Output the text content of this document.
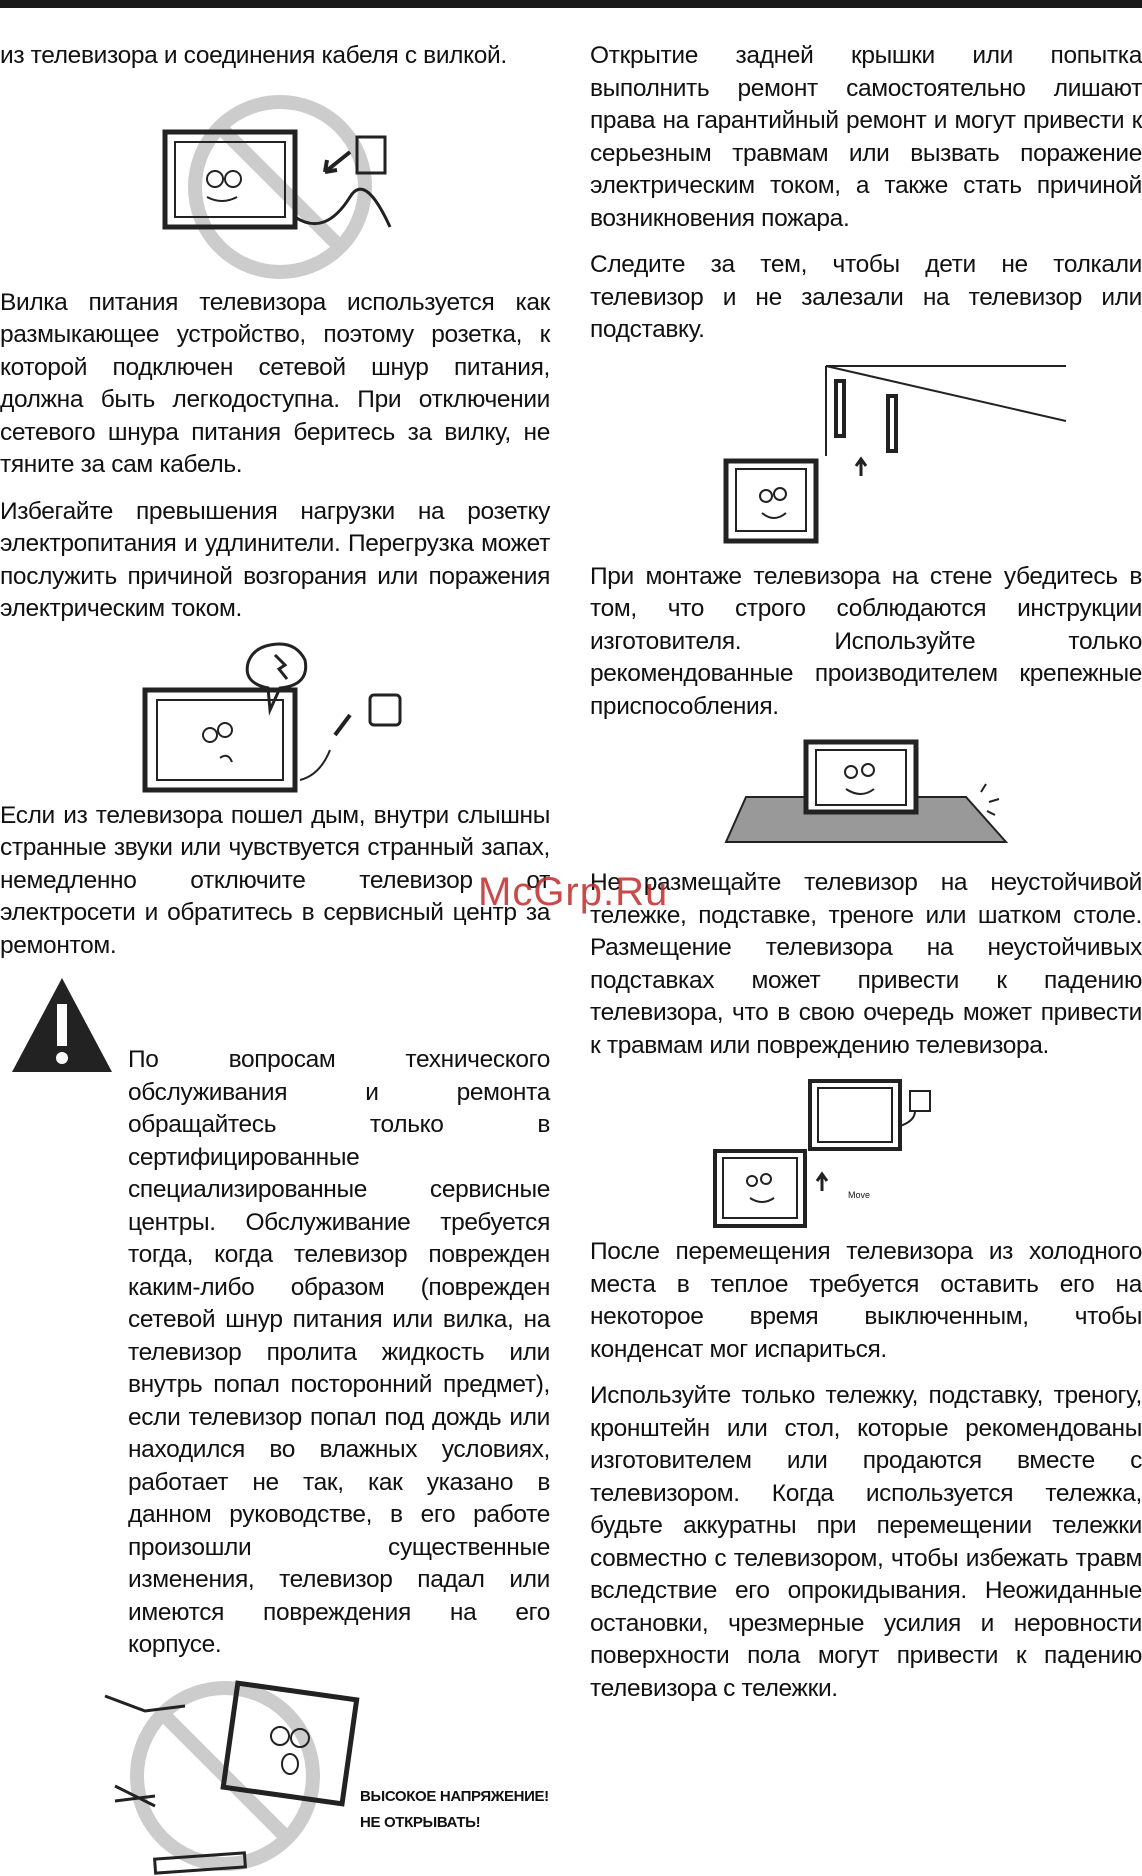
из телевизора и соединения кабеля с вилкой.

Вилка питания телевизора используется как размыкающее устройство, поэтому розетка, к которой подключен сетевой шнур питания, должна быть легкодоступна. При отключении сетевого шнура питания беритесь за вилку, не тяните за сам кабель.

Избегайте превышения нагрузки на розетку электропитания и удлинители. Перегрузка может послужить причиной возгорания или поражения электрическим током.

Если из телевизора пошел дым, внутри слышны странные звуки или чувствуется странный запах, немедленно отключите телевизор от электросети и обратитесь в сервисный центр за ремонтом.

По вопросам технического обслуживания и ремонта обращайтесь только в сертифицированные специализированные сервисные центры. Обслуживание требуется тогда, когда телевизор поврежден каким-либо образом (поврежден сетевой шнур питания или вилка, на телевизор пролита жидкость или внутрь попал посторонний предмет), если телевизор попал под дождь или находился во влажных условиях, работает не так, как указано в данном руководстве, в его работе произошли существенные изменения, телевизор падал или имеются повреждения на его корпусе.

ВЫСОКОЕ НАПРЯЖЕНИЕ!

НЕ ОТКРЫВАТЬ!

Открытие задней крышки или попытка выполнить ремонт самостоятельно лишают права на гарантийный ремонт и могут привести к серьезным травмам или вызвать поражение электрическим током, а также стать причиной возникновения пожара.

Следите за тем, чтобы дети не толкали телевизор и не залезали на телевизор или подставку.

При монтаже телевизора на стене убедитесь в том, что строго соблюдаются инструкции изготовителя. Используйте только рекомендованные производителем крепежные приспособления.

Не размещайте телевизор на неустойчивой тележке, подставке, треноге или шатком столе. Размещение телевизора на неустойчивых подставках может привести к падению телевизора, что в свою очередь может привести к травмам или повреждению телевизора.

Move

После перемещения телевизора из холодного места в теплое требуется оставить его на некоторое время выключенным, чтобы конденсат мог испариться.

Используйте только тележку, подставку, треногу, кронштейн или стол, которые рекомендованы изготовителем или продаются вместе с телевизором. Когда используется тележка, будьте аккуратны при перемещении тележки совместно с телевизором, чтобы избежать травм вследствие его опрокидывания. Неожиданные остановки, чрезмерные усилия и неровности поверхности пола могут привести к падению телевизора с тележки.

McGrp.Ru
